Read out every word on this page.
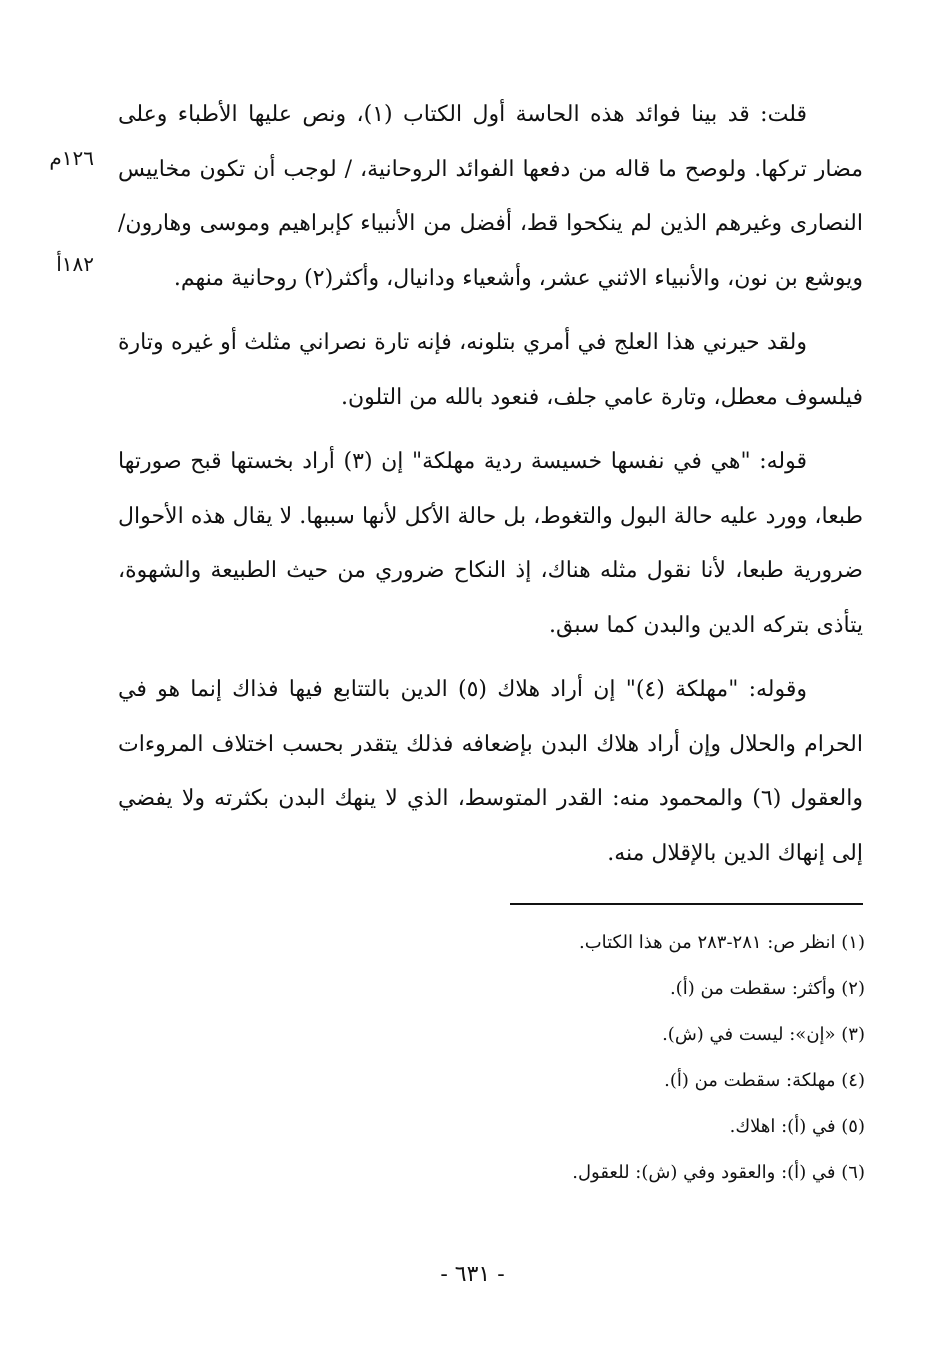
قلت: قد بينا فوائد هذه الحاسة أول الكتاب (١)، ونص عليها الأطباء وعلى مضار تركها. ولوصح ما قاله من دفعها الفوائد الروحانية، / لوجب أن تكون مخاييس النصارى وغيرهم الذين لم ينكحوا قط، أفضل من الأنبياء كإبراهيم وموسى وهارون/ ويوشع بن نون، والأنبياء الاثني عشر، وأشعياء ودانيال، وأكثر(٢) روحانية منهم.

ولقد حيرني هذا العلج في أمري بتلونه، فإنه تارة نصراني مثلث أو غيره وتارة فيلسوف معطل، وتارة عامي جلف، فنعود بالله من التلون.

قوله: "هي في نفسها خسيسة ردية مهلكة" إن (٣) أراد بخستها قبح صورتها طبعا، وورد عليه حالة البول والتغوط، بل حالة الأكل لأنها سببها. لا يقال هذه الأحوال ضرورية طبعا، لأنا نقول مثله هناك، إذ النكاح ضروري من حيث الطبيعة والشهوة، يتأذى بتركه الدين والبدن كما سبق.

وقوله: "مهلكة (٤)" إن أراد هلاك (٥) الدين بالتتابع فيها فذاك إنما هو في الحرام والحلال وإن أراد هلاك البدن بإضعافه فذلك يتقدر بحسب اختلاف المروءات والعقول (٦) والمحمود منه: القدر المتوسط، الذي لا ينهك البدن بكثرته ولا يفضي إلى إنهاك الدين بالإقلال منه.

١٢٦م
١٨٢أ

(١) انظر ص: ٢٨١-٢٨٣ من هذا الكتاب.

(٢) وأكثر: سقطت من (أ).

(٣) «إن»: ليست في (ش).

(٤) مهلكة: سقطت من (أ).

(٥) في (أ): اهلاك.

(٦) في (أ): والعقود وفي (ش): للعقول.

- ٦٣١ -
